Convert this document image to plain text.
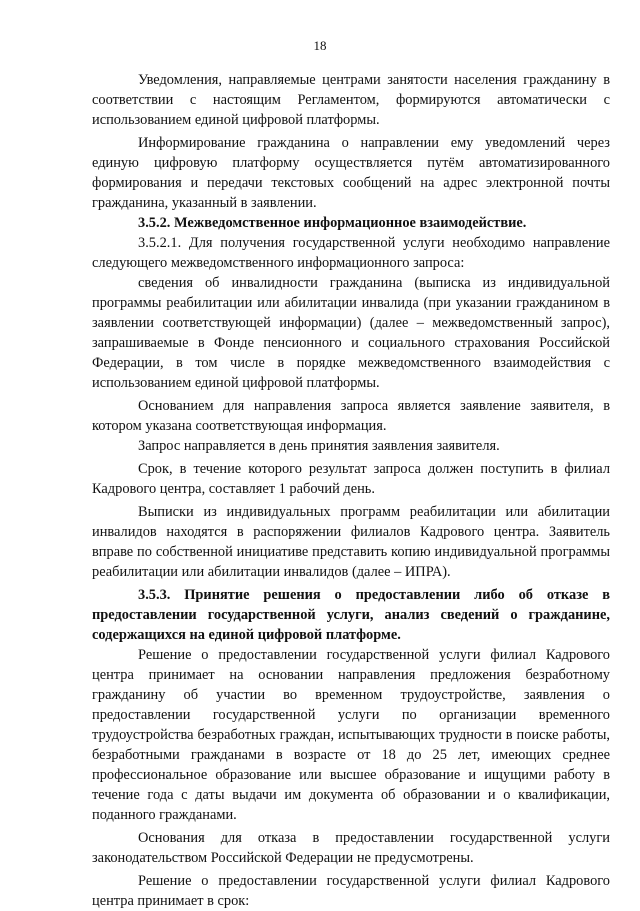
18

Уведомления, направляемые центрами занятости населения гражданину в соответствии с настоящим Регламентом, формируются автоматически с использованием единой цифровой платформы.

Информирование гражданина о направлении ему уведомлений через единую цифровую платформу осуществляется путём автоматизированного формирования и передачи текстовых сообщений на адрес электронной почты гражданина, указанный в заявлении.

3.5.2. Межведомственное информационное взаимодействие.

3.5.2.1. Для получения государственной услуги необходимо направление следующего межведомственного информационного запроса:

сведения об инвалидности гражданина (выписка из индивидуальной программы реабилитации или абилитации инвалида (при указании гражданином в заявлении соответствующей информации) (далее – межведомственный запрос), запрашиваемые в Фонде пенсионного и социального страхования Российской Федерации, в том числе в порядке межведомственного взаимодействия с использованием единой цифровой платформы.

Основанием для направления запроса является заявление заявителя, в котором указана соответствующая информация.

Запрос направляется в день принятия заявления заявителя.

Срок, в течение которого результат запроса должен поступить в филиал Кадрового центра, составляет 1 рабочий день.

Выписки из индивидуальных программ реабилитации или абилитации инвалидов находятся в распоряжении филиалов Кадрового центра. Заявитель вправе по собственной инициативе представить копию индивидуальной программы реабилитации или абилитации инвалидов (далее – ИПРА).

3.5.3. Принятие решения о предоставлении либо об отказе в предоставлении государственной услуги, анализ сведений о гражданине, содержащихся на единой цифровой платформе.

Решение о предоставлении государственной услуги филиал Кадрового центра принимает на основании направления предложения безработному гражданину об участии во временном трудоустройстве, заявления о предоставлении государственной услуги по организации временного трудоустройства безработных граждан, испытывающих трудности в поиске работы, безработными гражданами в возрасте от 18 до 25 лет, имеющих среднее профессиональное образование или высшее образование и ищущими работу в течение года с даты выдачи им документа об образовании и о квалификации, поданного гражданами.

Основания для отказа в предоставлении государственной услуги законодательством Российской Федерации не предусмотрены.

Решение о предоставлении государственной услуги филиал Кадрового центра принимает в срок:
